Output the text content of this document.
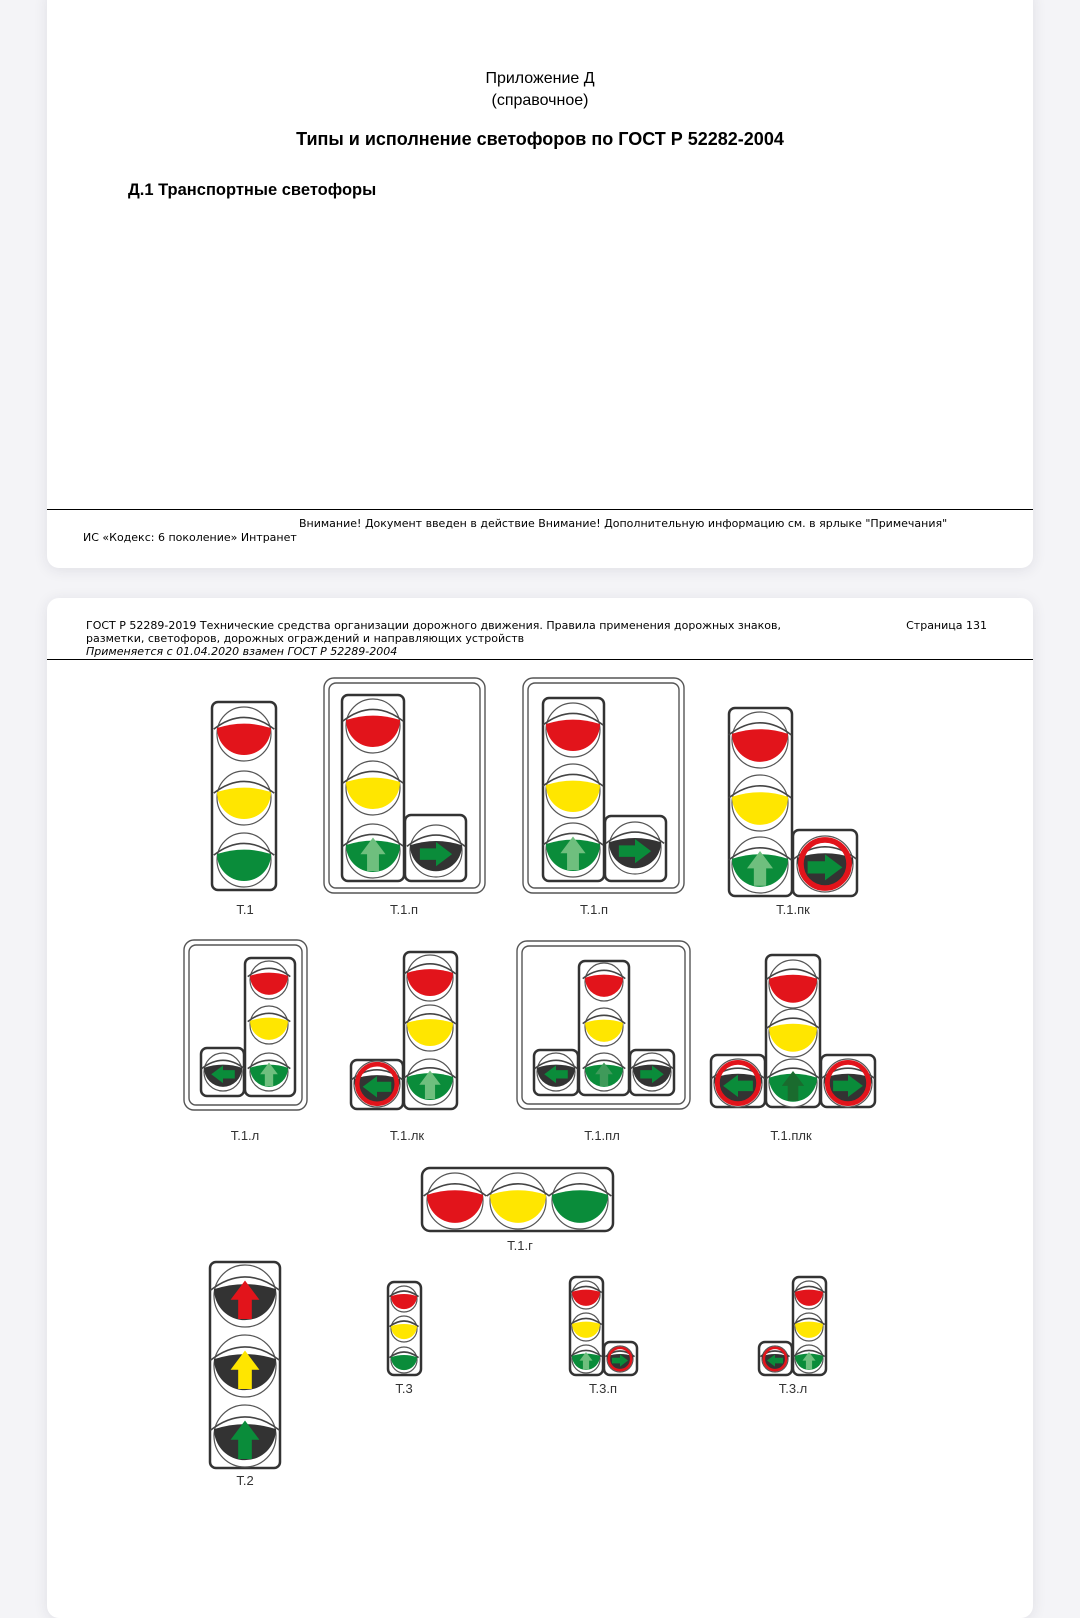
Приложение Д
(справочное)
Типы и исполнение светофоров по ГОСТ Р 52282-2004
Д.1 Транспортные светофоры
Внимание! Документ введен в действие Внимание! Дополнительную информацию см. в ярлыке "Примечания"
ИС «Кодекс: 6 поколение» Интранет
ГОСТ Р 52289-2019 Технические средства организации дорожного движения. Правила применения дорожных знаков,
разметки, светофоров, дорожных ограждений и направляющих устройств
Применяется с 01.04.2020 взамен ГОСТ Р 52289-2004
Страница 131
Т.1	Т.1.п	Т.1.п	Т.1.пк
Т.1.л	Т.1.лк	Т.1.пл	Т.1.плк
Т.1.г
Т.2
Т.3	Т.3.п	Т.3.л
